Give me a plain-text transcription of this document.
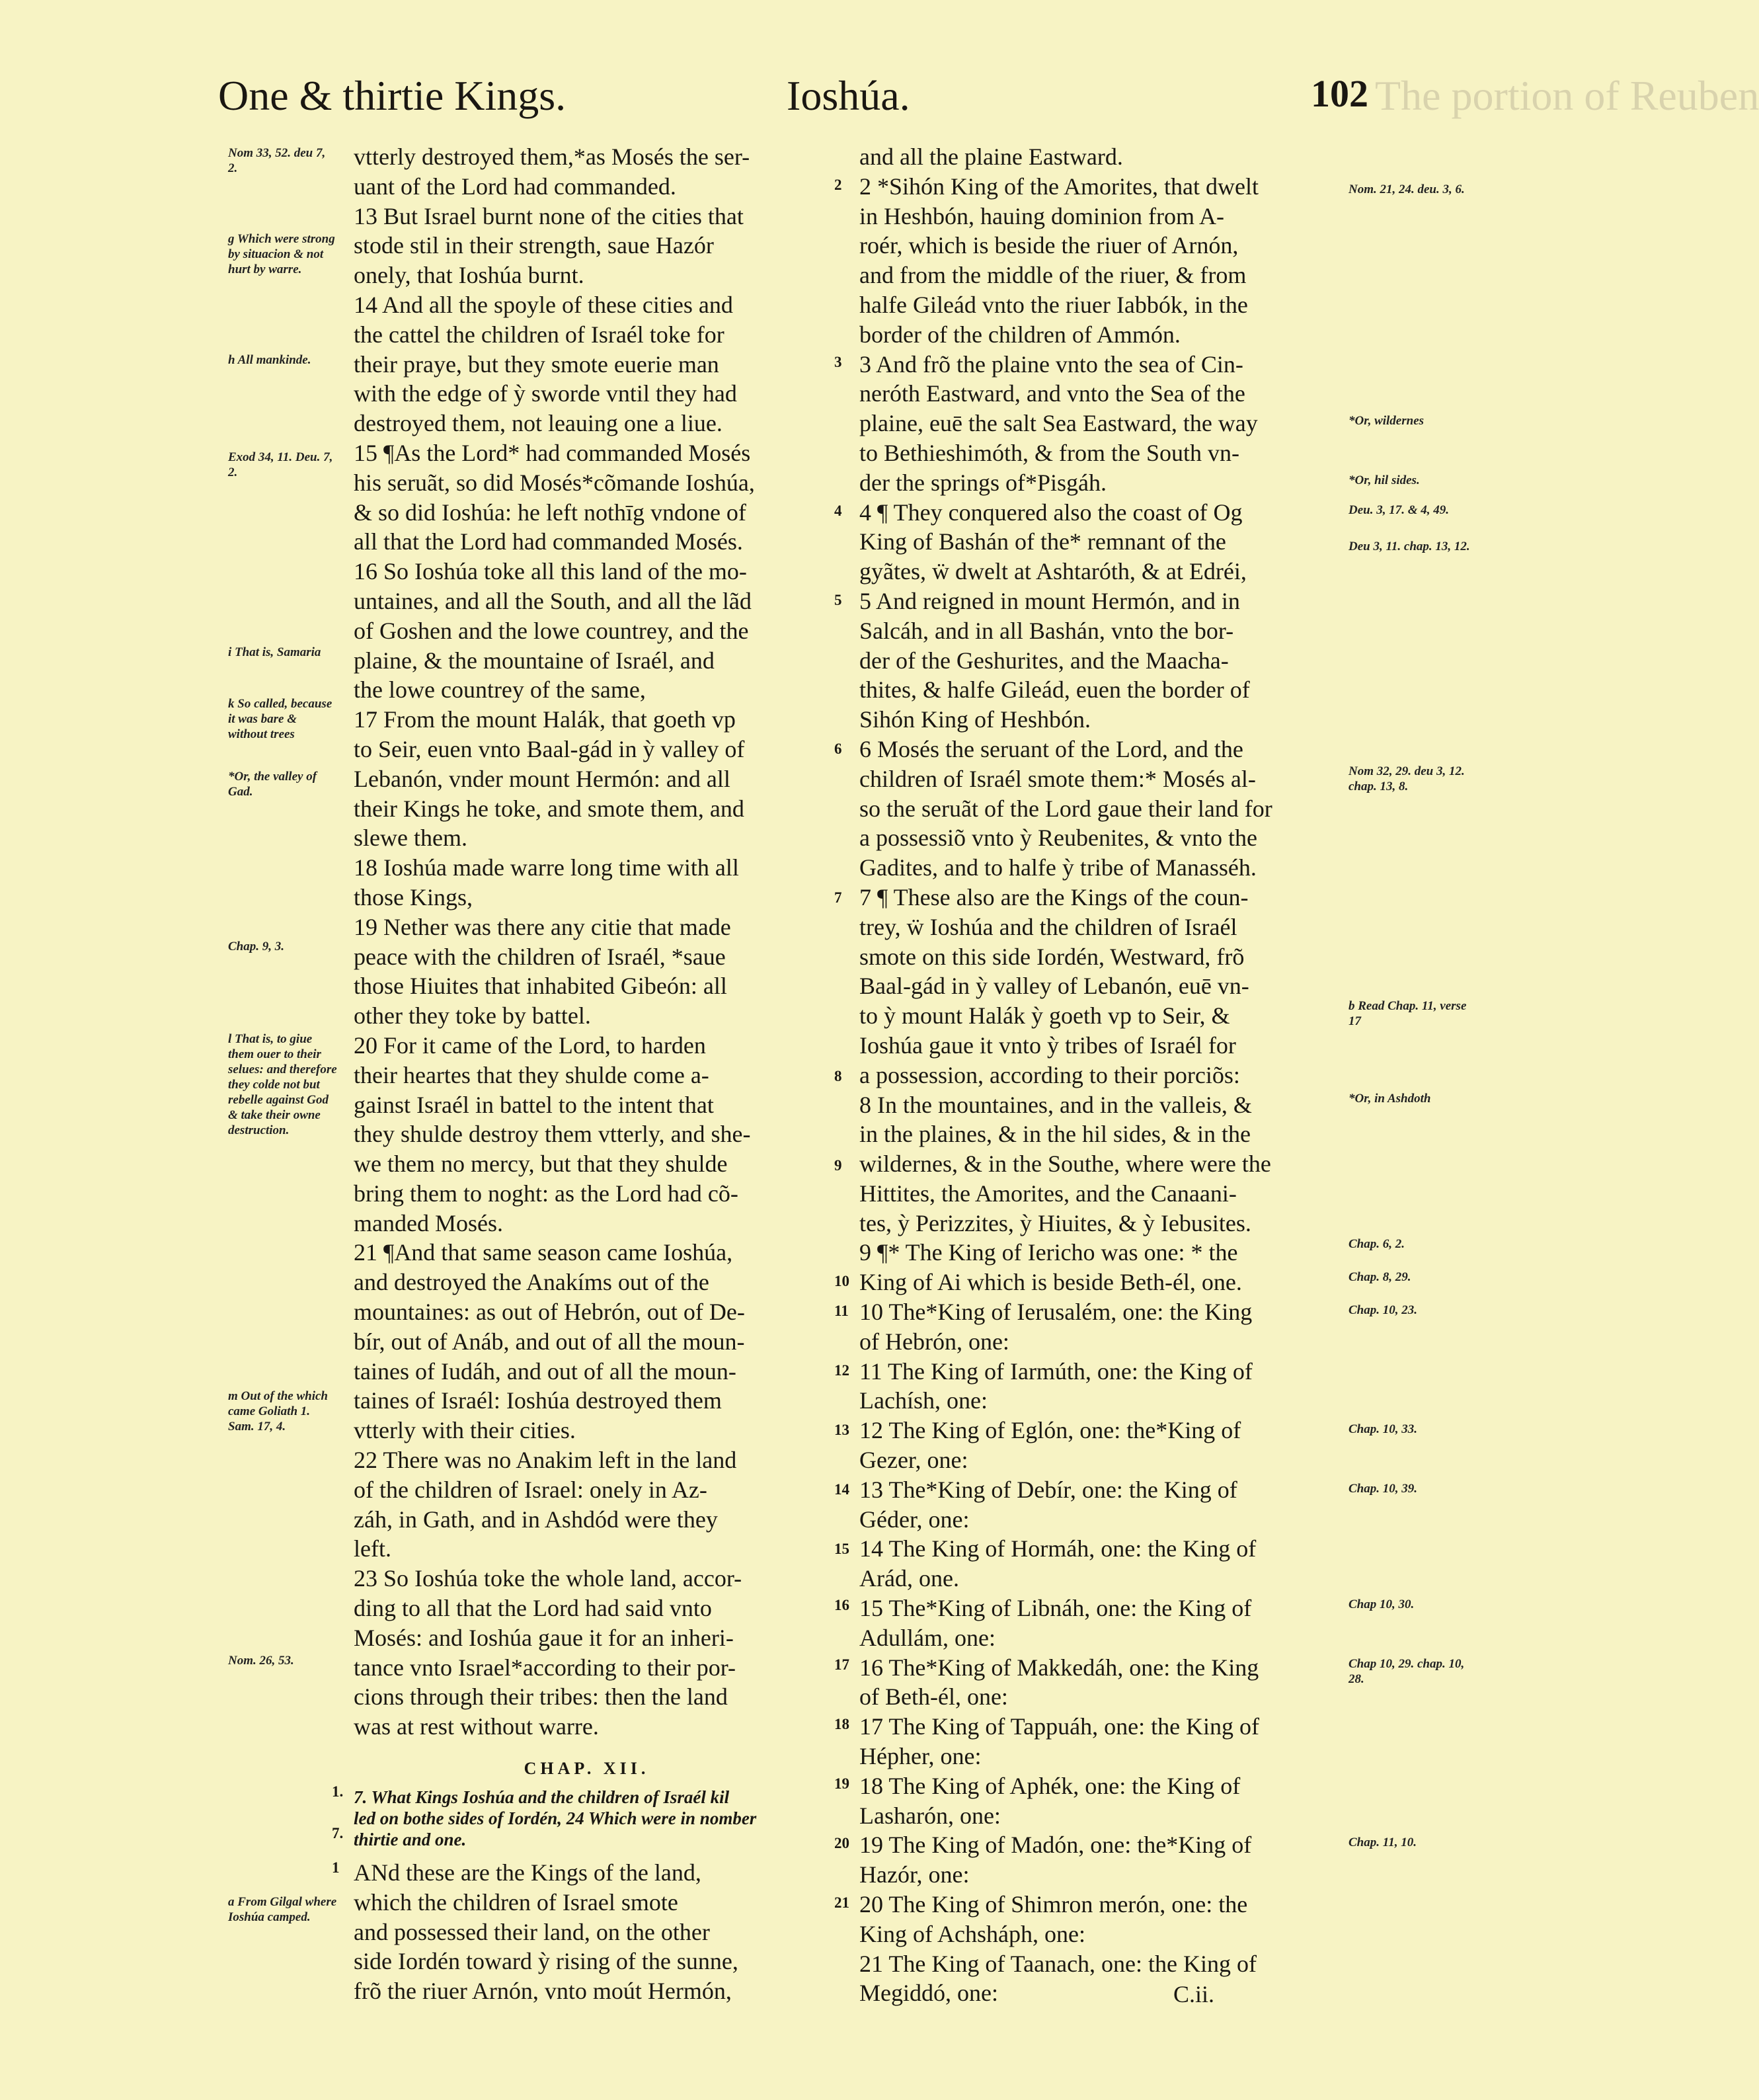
One & thirtie Kings.	Ioshúa.	102 The portion of Reuben
Nom 33, 52. deu 7, 2.
g Which were strong by situacion & not hurt by warre.
h All mankinde.
Exod 34, 11. Deu. 7, 2.
i That is, Samaria
k So called, because it was bare & without trees
*Or, the valley of Gad.
Chap. 9, 3.
l That is, to giue them ouer to their selues: and therefore they colde not but rebelle against God & take their owne destruction.
m Out of the which came Goliath 1. Sam. 17, 4.
Nom. 26, 53.
a From Gilgal where Ioshúa camped.
vtterly destroyed them,*as Mosés the ser-
uant of the Lord had commanded.
13 But Israel burnt none of the cities that
stode stil in their strength, saue Hazór
onely, that Ioshúa burnt.
14 And all the spoyle of these cities and
the cattel the children of Israél toke for
their praye, but they smote euerie man
with the edge of ỳ sworde vntil they had
destroyed them, not leauing one a liue.
15 ¶As the Lord* had commanded Mosés
his seruãt, so did Mosés*cõmande Ioshúa,
& so did Ioshúa: he left nothīg vndone of
all that the Lord had commanded Mosés.
16 So Ioshúa toke all this land of the mo-
untaines, and all the South, and all the lãd
of Goshen and the lowe countrey, and the
plaine, & the mountaine of Israél, and
the lowe countrey of the same,
17 From the mount Halák, that goeth vp
to Seir, euen vnto Baal-gád in ỳ valley of
Lebanón, vnder mount Hermón: and all
their Kings he toke, and smote them, and
slewe them.
18 Ioshúa made warre long time with all
those Kings,
19 Nether was there any citie that made
peace with the children of Israél, *saue
those Hiuites that inhabited Gibeón: all
other they toke by battel.
20 For it came of the Lord, to harden
their heartes that they shulde come a-
gainst Israél in battel to the intent that
they shulde destroy them vtterly, and she-
we them no mercy, but that they shulde
bring them to noght: as the Lord had cõ-
manded Mosés.
21 ¶And that same season came Ioshúa,
and destroyed the Anakíms out of the
mountaines: as out of Hebrón, out of De-
bír, out of Anáb, and out of all the moun-
taines of Iudáh, and out of all the moun-
taines of Israél: Ioshúa destroyed them
vtterly with their cities.
22 There was no Anakim left in the land
of the children of Israel: onely in Az-
záh, in Gath, and in Ashdód were they
left.
23 So Ioshúa toke the whole land, accor-
ding to all that the Lord had said vnto
Mosés: and Ioshúa gaue it for an inheri-
tance vnto Israel*according to their por-
cions through their tribes: then the land
was at rest without warre.
CHAP. XII.
7. What Kings Ioshúa and the children of Israél kil
led on bothe sides of Iordén, 24 Which were in nomber
thirtie and one.
ANd these are the Kings of the land,
which the children of Israel smote
and possessed their land, on the other
side Iordén toward ỳ rising of the sunne,
frõ the riuer Arnón, vnto moút Hermón,
1.
7.
1
2
3
4
5
6
7
8
9
10
11
12
13
14
15
16
17
18
19
20
21
and all the plaine Eastward.
2 *Sihón King of the Amorites, that dwelt
in Heshbón, hauing dominion from A-
roér, which is beside the riuer of Arnón,
and from the middle of the riuer, & from
halfe Gileád vnto the riuer Iabbók, in the
border of the children of Ammón.
3 And frõ the plaine vnto the sea of Cin-
neróth Eastward, and vnto the Sea of the
plaine, euē the salt Sea Eastward, the way
to Bethieshimóth, & from the South vn-
der the springs of*Pisgáh.
4 ¶ They conquered also the coast of Og
King of Bashán of the* remnant of the
gyãtes, ẅ dwelt at Ashtaróth, & at Edréi,
5 And reigned in mount Hermón, and in
Salcáh, and in all Bashán, vnto the bor-
der of the Geshurites, and the Maacha-
thites, & halfe Gileád, euen the border of
Sihón King of Heshbón.
6 Mosés the seruant of the Lord, and the
children of Israél smote them:* Mosés al-
so the seruãt of the Lord gaue their land for
a possessiõ vnto ỳ Reubenites, & vnto the
Gadites, and to halfe ỳ tribe of Manasséh.
7 ¶ These also are the Kings of the coun-
trey, ẅ Ioshúa and the children of Israél
smote on this side Iordén, Westward, frõ
Baal-gád in ỳ valley of Lebanón, euē vn-
to ỳ mount Halák ỳ goeth vp to Seir, &
Ioshúa gaue it vnto ỳ tribes of Israél for
a possession, according to their porciõs:
8 In the mountaines, and in the valleis, &
in the plaines, & in the hil sides, & in the
wildernes, & in the Southe, where were the
Hittites, the Amorites, and the Canaani-
tes, ỳ Perizzites, ỳ Hiuites, & ỳ Iebusites.
9 ¶* The King of Iericho was one: * the
King of Ai which is beside Beth-él, one.
10 The*King of Ierusalém, one: the King
of Hebrón, one:
11 The King of Iarmúth, one: the King of
Lachísh, one:
12 The King of Eglón, one: the*King of
Gezer, one:
13 The*King of Debír, one: the King of
Géder, one:
14 The King of Hormáh, one: the King of
Arád, one.
15 The*King of Libnáh, one: the King of
Adullám, one:
16 The*King of Makkedáh, one: the King
of Beth-él, one:
17 The King of Tappuáh, one: the King of
Hépher, one:
18 The King of Aphék, one: the King of
Lasharón, one:
19 The King of Madón, one: the*King of
Hazór, one:
20 The King of Shimron merón, one: the
King of Achsháph, one:
21 The King of Taanach, one: the King of
Megiddó, one:
Nom. 21, 24. deu. 3, 6.
*Or, wildernes
*Or, hil sides.
Deu. 3, 17. & 4, 49.
Deu 3, 11. chap. 13, 12.
Nom 32, 29. deu 3, 12. chap. 13, 8.
b Read Chap. 11, verse 17
*Or, in Ashdoth
Chap. 6, 2.
Chap. 8, 29.
Chap. 10, 23.
Chap. 10, 33.
Chap. 10, 39.
Chap 10, 30.
Chap 10, 29. chap. 10, 28.
Chap. 11, 10.
C.ii.
